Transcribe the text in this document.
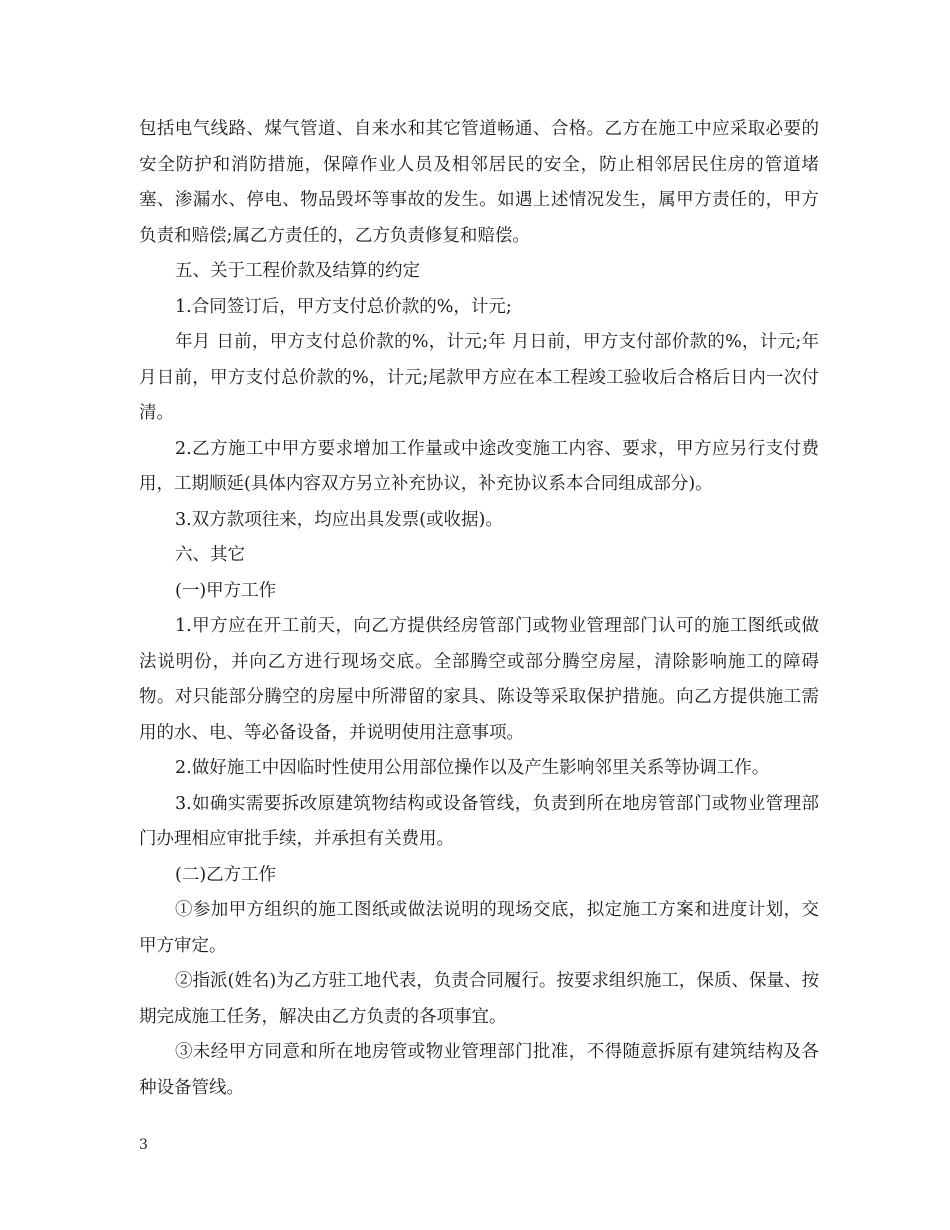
包括电气线路、煤气管道、自来水和其它管道畅通、合格。乙方在施工中应采取必要的安全防护和消防措施，保障作业人员及相邻居民的安全，防止相邻居民住房的管道堵塞、渗漏水、停电、物品毁坏等事故的发生。如遇上述情况发生，属甲方责任的，甲方负责和赔偿;属乙方责任的，乙方负责修复和赔偿。

五、关于工程价款及结算的约定

1.合同签订后，甲方支付总价款的%，计元;

年月 日前，甲方支付总价款的%，计元;年 月日前，甲方支付部价款的%，计元;年 月日前，甲方支付总价款的%，计元;尾款甲方应在本工程竣工验收后合格后日内一次付清。

2.乙方施工中甲方要求增加工作量或中途改变施工内容、要求，甲方应另行支付费用，工期顺延(具体内容双方另立补充协议，补充协议系本合同组成部分)。

3.双方款项往来，均应出具发票(或收据)。

六、其它

(一)甲方工作

1.甲方应在开工前天，向乙方提供经房管部门或物业管理部门认可的施工图纸或做法说明份，并向乙方进行现场交底。全部腾空或部分腾空房屋，清除影响施工的障碍物。对只能部分腾空的房屋中所滞留的家具、陈设等采取保护措施。向乙方提供施工需用的水、电、等必备设备，并说明使用注意事项。

2.做好施工中因临时性使用公用部位操作以及产生影响邻里关系等协调工作。

3.如确实需要拆改原建筑物结构或设备管线，负责到所在地房管部门或物业管理部门办理相应审批手续，并承担有关费用。

(二)乙方工作

①参加甲方组织的施工图纸或做法说明的现场交底，拟定施工方案和进度计划，交甲方审定。

②指派(姓名)为乙方驻工地代表，负责合同履行。按要求组织施工，保质、保量、按期完成施工任务，解决由乙方负责的各项事宜。

③未经甲方同意和所在地房管或物业管理部门批准，不得随意拆原有建筑结构及各种设备管线。

3
